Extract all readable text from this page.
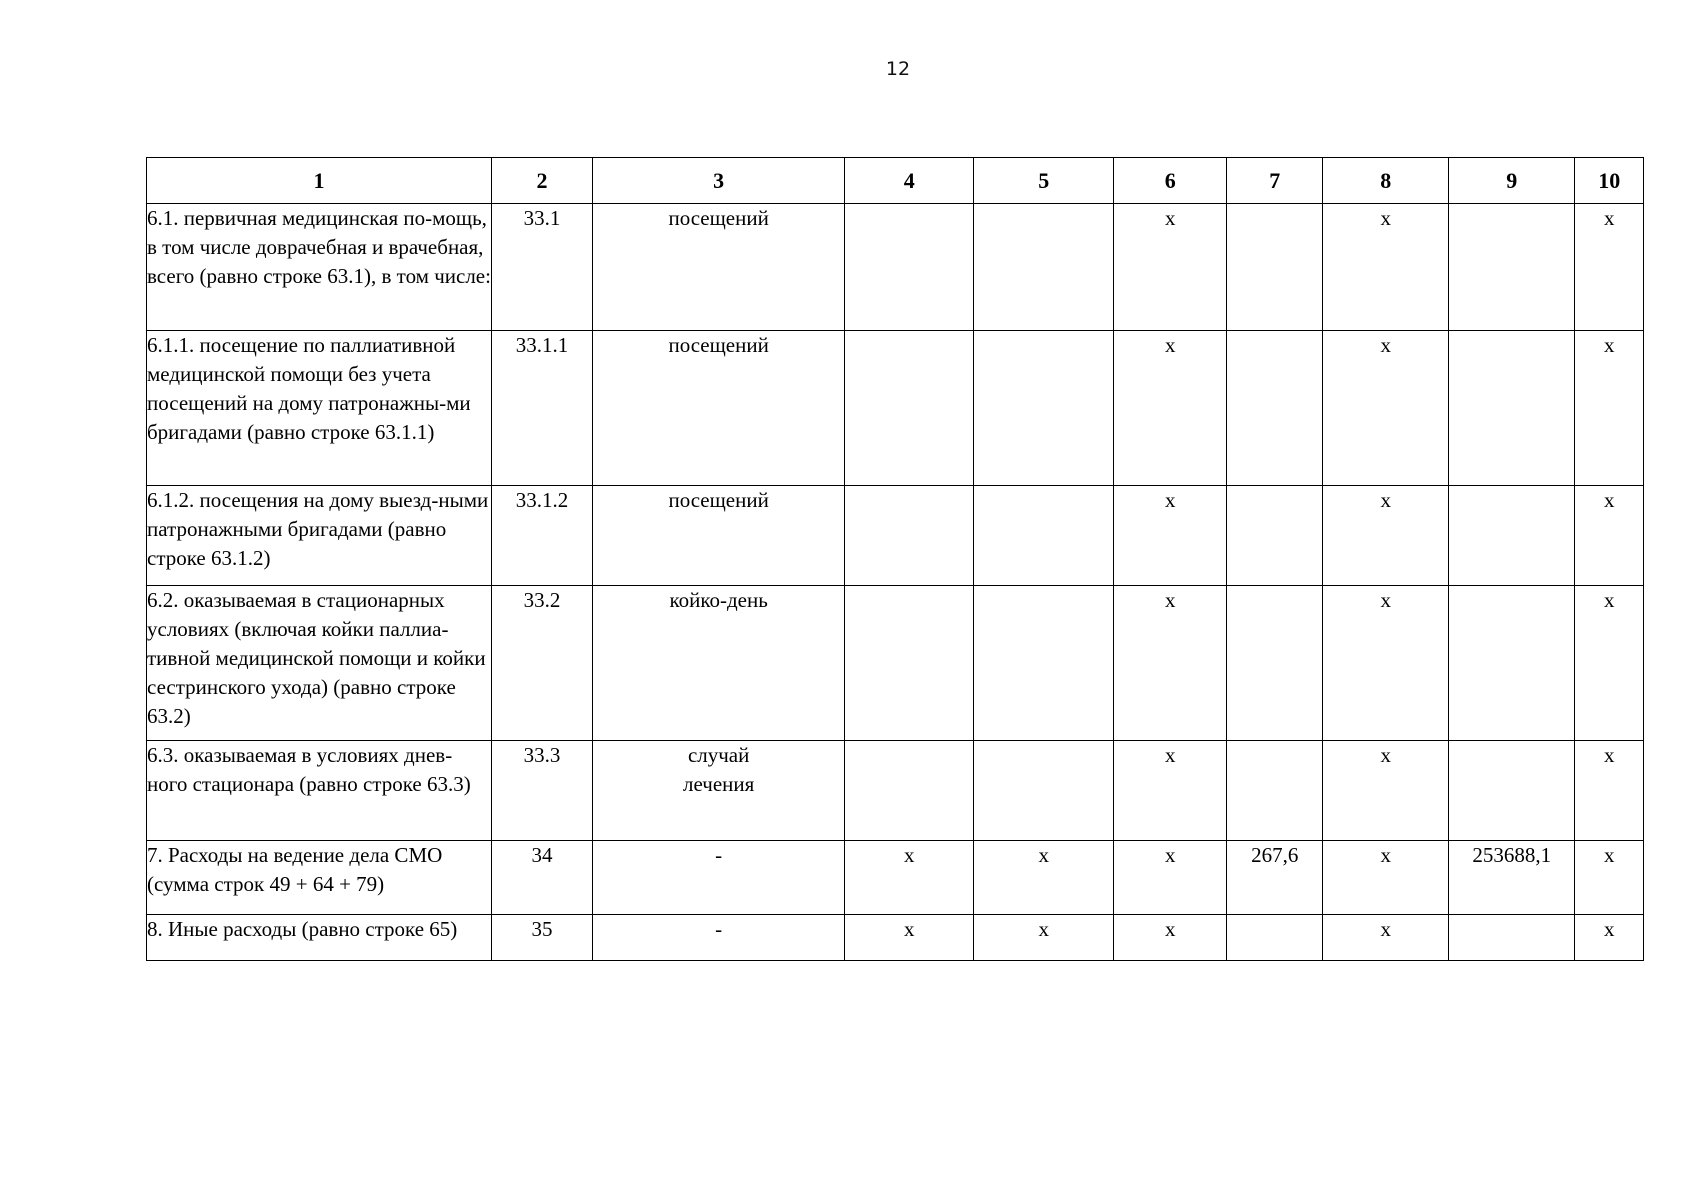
12
1	2	3	4	5	6	7	8	9	10
6.1. первичная медицинская по-мощь, в том числе доврачебная и врачебная, всего (равно строке 63.1), в том числе:	33.1	посещений			x		x		x
6.1.1. посещение по паллиативной медицинской помощи без учета посещений на дому патронажны-ми бригадами (равно строке 63.1.1)	33.1.1	посещений			x		x		x
6.1.2. посещения на дому выезд-ными патронажными бригадами (равно строке 63.1.2)	33.1.2	посещений			x		x		x
6.2. оказываемая в стационарных условиях (включая койки паллиа-тивной медицинской помощи и койки сестринского ухода) (равно строке 63.2)	33.2	койко-день			x		x		x
6.3. оказываемая в условиях днев-ного стационара (равно строке 63.3)	33.3	случай лечения			x		x		x
7. Расходы на ведение дела СМО (сумма строк 49 + 64 + 79)	34	-	x	x	x	267,6	x	253688,1	x
8. Иные расходы (равно строке 65)	35	-	x	x	x		x		x
